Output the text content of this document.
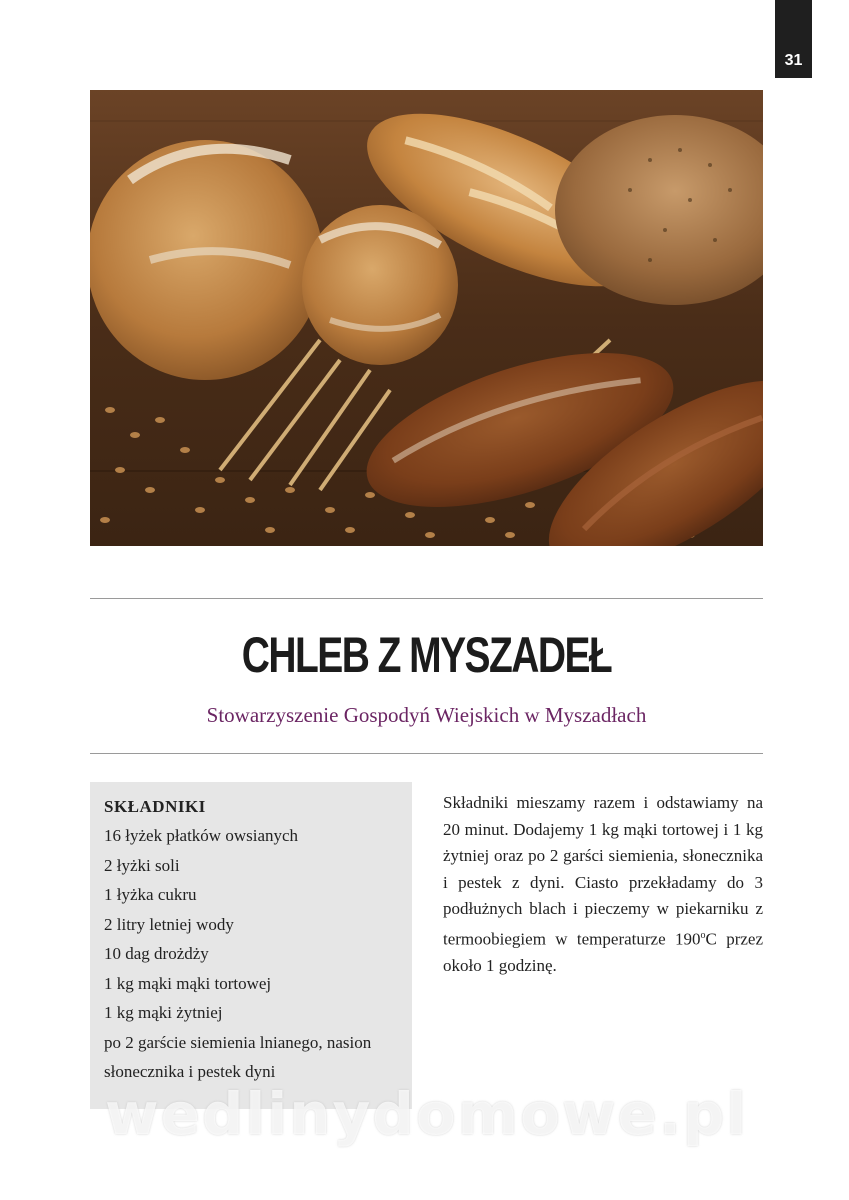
31
CHLEB Z MYSZADEŁ
Stowarzyszenie Gospodyń Wiejskich w Myszadłach
SKŁADNIKI
16 łyżek płatków owsianych
2 łyżki soli
1 łyżka cukru
2 litry letniej wody
10 dag drożdży
1 kg mąki mąki tortowej
1 kg mąki żytniej
po 2 garście siemienia lnianego, nasion
słonecznika i pestek dyni
Składniki mieszamy razem i odstawiamy na 20 minut. Dodajemy 1 kg mąki tortowej i 1 kg żytniej oraz po 2 garści siemienia, słonecznika i pestek z dyni. Ciasto przekładamy do 3 podłużnych blach i pieczemy w piekarniku z termoobiegiem w temperaturze 190$^o$C przez około 1 godzinę.
wedlinydomowe.pl
